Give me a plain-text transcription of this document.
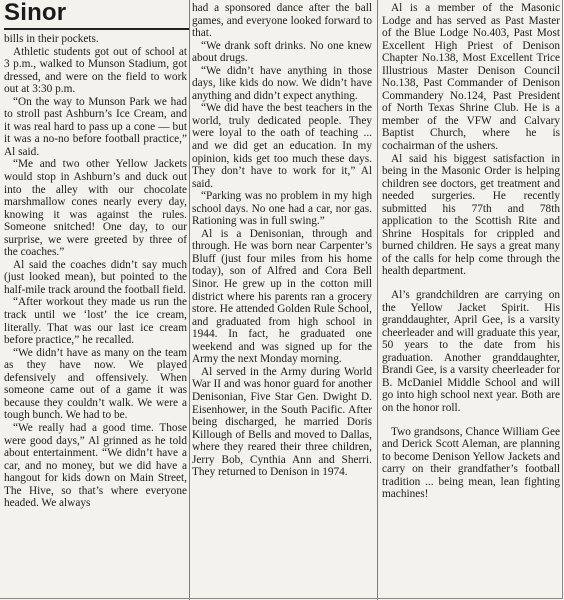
Sinor

bills in their pockets.

Athletic students got out of school at 3 p.m., walked to Munson Stadium, got dressed, and were on the field to work out at 3:30 p.m.

“On the way to Munson Park we had to stroll past Ashburn’s Ice Cream, and it was real hard to pass up a cone — but it was a no-no before football practice,” Al said.

“Me and two other Yellow Jackets would stop in Ashburn’s and duck out into the alley with our chocolate marshmallow cones nearly every day, knowing it was against the rules. Someone snitched! One day, to our surprise, we were greeted by three of the coaches.”

Al said the coaches didn’t say much (just looked mean), but pointed to the half-mile track around the football field.

“After workout they made us run the track until we ‘lost’ the ice cream, literally. That was our last ice cream before practice,” he recalled.

“We didn’t have as many on the team as they have now. We played defensively and offensively. When someone came out of a game it was because they couldn’t walk. We were a tough bunch. We had to be.

“We really had a good time. Those were good days,” Al grinned as he told about entertainment. “We didn’t have a car, and no money, but we did have a hangout for kids down on Main Street, The Hive, so that’s where everyone headed. We always

had a sponsored dance after the ball games, and everyone looked forward to that.

“We drank soft drinks. No one knew about drugs.

“We didn’t have anything in those days, like kids do now. We didn’t have anything and didn’t expect anything.

“We did have the best teachers in the world, truly dedicated people. They were loyal to the oath of teaching ... and we did get an education. In my opinion, kids get too much these days. They don’t have to work for it,” Al said.

“Parking was no problem in my high school days. No one had a car, nor gas. Rationing was in full swing.”

Al is a Denisonian, through and through. He was born near Carpenter’s Bluff (just four miles from his home today), son of Alfred and Cora Bell Sinor. He grew up in the cotton mill district where his parents ran a grocery store. He attended Golden Rule School, and graduated from high school in 1944. In fact, he graduated one weekend and was signed up for the Army the next Monday morning.

Al served in the Army during World War II and was honor guard for another Denisonian, Five Star Gen. Dwight D. Eisenhower, in the South Pacific. After being discharged, he married Doris Killough of Bells and moved to Dallas, where they reared their three children, Jerry Bob, Cynthia Ann and Sherri. They returned to Denison in 1974.

Al is a member of the Masonic Lodge and has served as Past Master of the Blue Lodge No.403, Past Most Excellent High Priest of Denison Chapter No.138, Most Excellent Trice Illustrious Master Denison Council No.138, Past Commander of Denison Commandery No.124, Past President of North Texas Shrine Club. He is a member of the VFW and Calvary Baptist Church, where he is cochairman of the ushers.

Al said his biggest satisfaction in being in the Masonic Order is helping children see doctors, get treatment and needed surgeries. He recently submitted his 77th and 78th application to the Scottish Rite and Shrine Hospitals for crippled and burned children. He says a great many of the calls for help come through the health department.

Al’s grandchildren are carrying on the Yellow Jacket Spirit. His granddaughter, April Gee, is a varsity cheerleader and will graduate this year, 50 years to the date from his graduation. Another granddaughter, Brandi Gee, is a varsity cheerleader for B. McDaniel Middle School and will go into high school next year. Both are on the honor roll.

Two grandsons, Chance William Gee and Derick Scott Aleman, are planning to become Denison Yellow Jackets and carry on their grandfather’s football tradition ... being mean, lean fighting machines!
